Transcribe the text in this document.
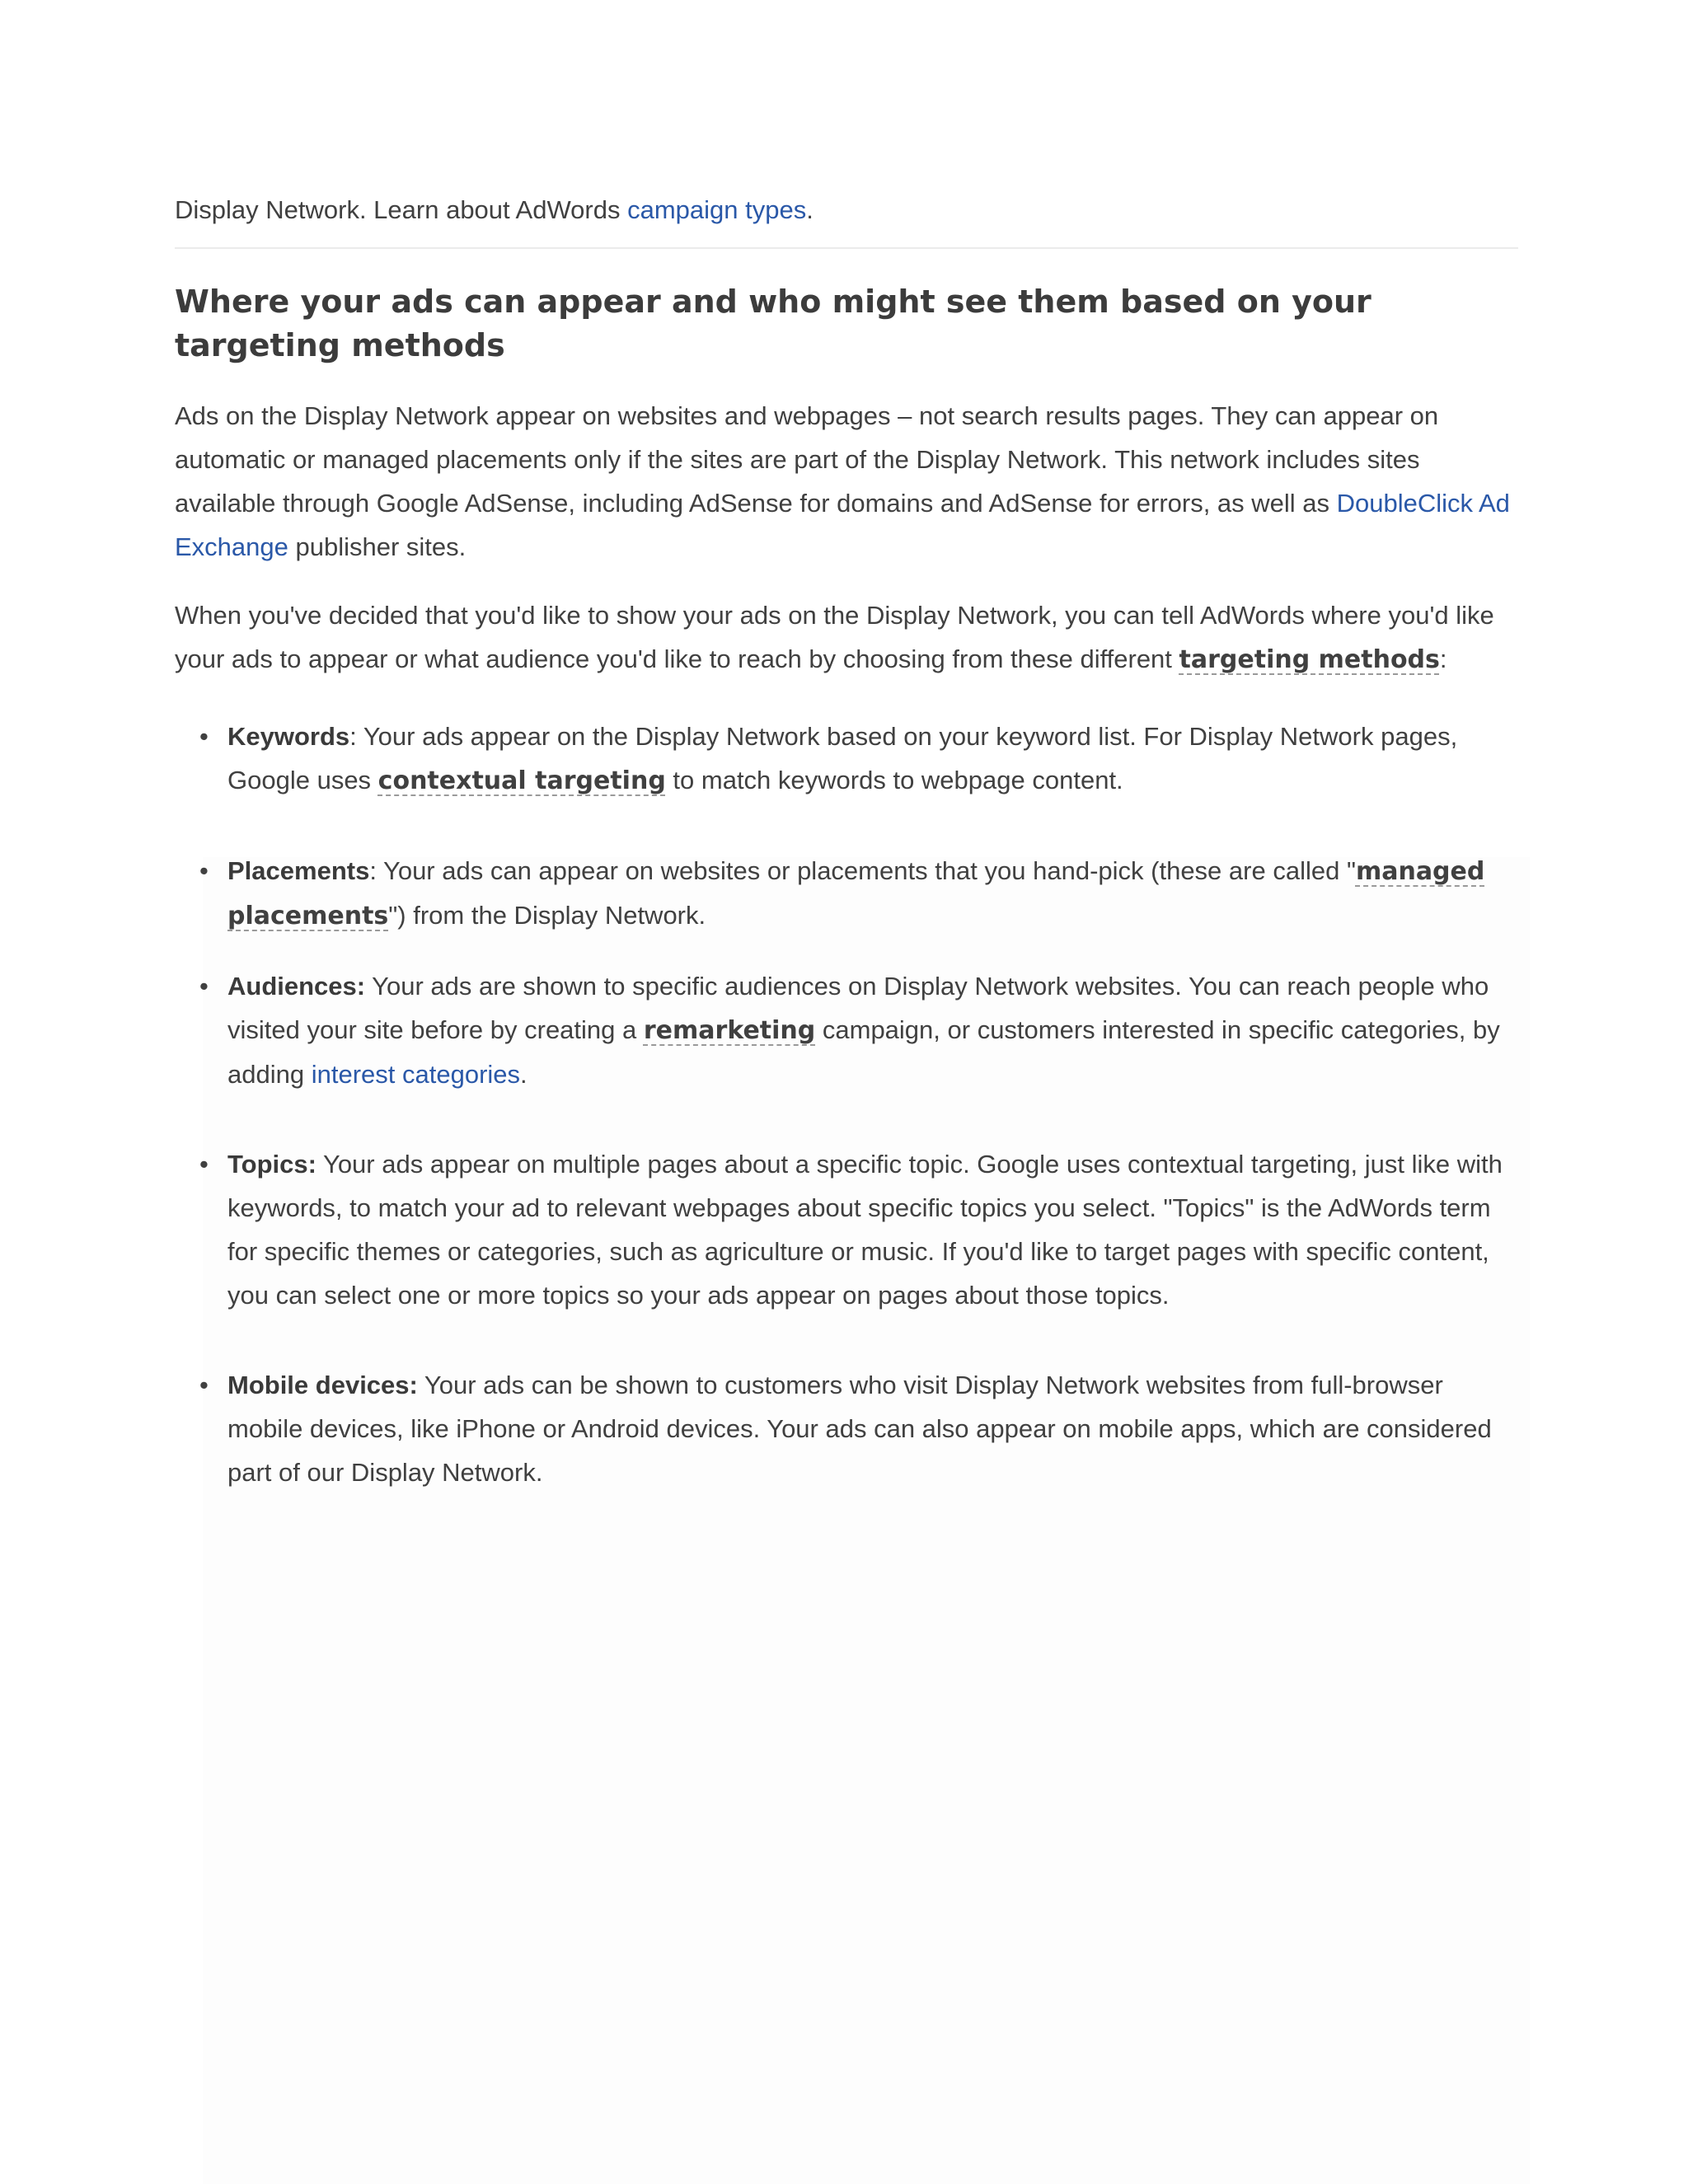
Display Network. Learn about AdWords campaign types.

Where your ads can appear and who might see them based on your targeting methods

Ads on the Display Network appear on websites and webpages – not search results pages. They can appear on automatic or managed placements only if the sites are part of the Display Network. This network includes sites available through Google AdSense, including AdSense for domains and AdSense for errors, as well as DoubleClick Ad Exchange publisher sites.

When you've decided that you'd like to show your ads on the Display Network, you can tell AdWords where you'd like your ads to appear or what audience you'd like to reach by choosing from these different targeting methods:

• Keywords: Your ads appear on the Display Network based on your keyword list. For Display Network pages, Google uses contextual targeting to match keywords to webpage content.
• Placements: Your ads can appear on websites or placements that you hand-pick (these are called "managed placements") from the Display Network.
• Audiences: Your ads are shown to specific audiences on Display Network websites. You can reach people who visited your site before by creating a remarketing campaign, or customers interested in specific categories, by adding interest categories.
• Topics: Your ads appear on multiple pages about a specific topic. Google uses contextual targeting, just like with keywords, to match your ad to relevant webpages about specific topics you select. "Topics" is the AdWords term for specific themes or categories, such as agriculture or music. If you'd like to target pages with specific content, you can select one or more topics so your ads appear on pages about those topics.
• Mobile devices: Your ads can be shown to customers who visit Display Network websites from full-browser mobile devices, like iPhone or Android devices. Your ads can also appear on mobile apps, which are considered part of our Display Network.
